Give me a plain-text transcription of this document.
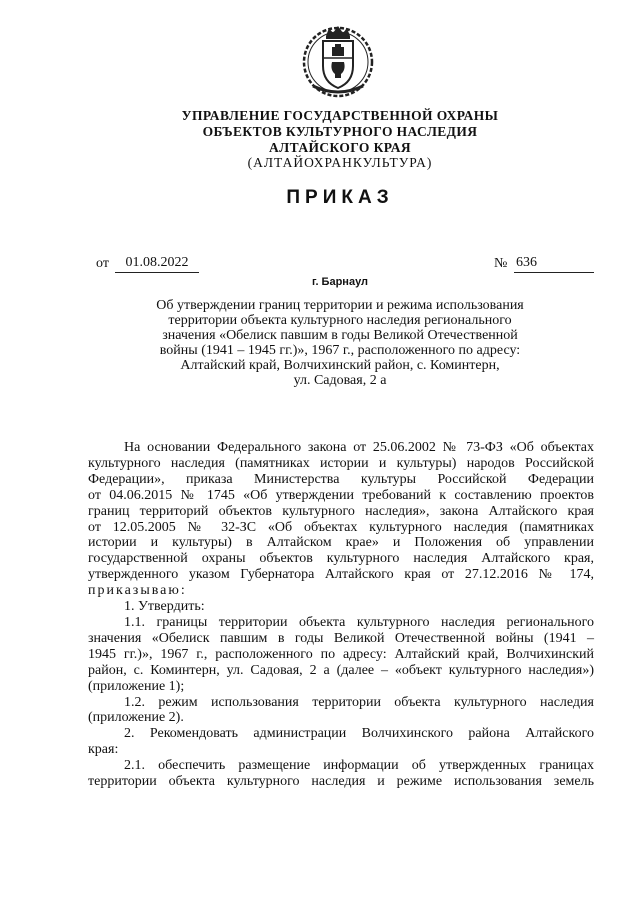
УПРАВЛЕНИЕ ГОСУДАРСТВЕННОЙ ОХРАНЫ
ОБЪЕКТОВ КУЛЬТУРНОГО НАСЛЕДИЯ
АЛТАЙСКОГО КРАЯ
(АЛТАЙОХРАНКУЛЬТУРА)
ПРИКАЗ
от	01.08.2022	№ 636
г. Барнаул
Об утверждении границ территории и режима использования
территории объекта культурного наследия регионального
значения «Обелиск павшим в годы Великой Отечественной
войны (1941 – 1945 гг.)», 1967 г., расположенного по адресу:
Алтайский край, Волчихинский район, с. Коминтерн,
ул. Садовая, 2 а

На основании Федерального закона от 25.06.2002 № 73-ФЗ «Об объектах
культурного наследия (памятниках истории и культуры) народов Российской
Федерации», приказа Министерства культуры Российской Федерации
от 04.06.2015 № 1745 «Об утверждении требований к составлению проектов
границ территорий объектов культурного наследия», закона Алтайского края
от 12.05.2005 № 32-ЗС «Об объектах культурного наследия (памятниках
истории и культуры) в Алтайском крае» и Положения об управлении
государственной охраны объектов культурного наследия Алтайского края,
утвержденного указом Губернатора Алтайского края от 27.12.2016 № 174,

приказываю:

1. Утвердить:

1.1. границы территории объекта культурного наследия регионального
значения «Обелиск павшим в годы Великой Отечественной войны (1941 –
1945 гг.)», 1967 г., расположенного по адресу: Алтайский край, Волчихинский
район, с. Коминтерн, ул. Садовая, 2 а (далее – «объект культурного наследия»)
(приложение 1);

1.2. режим использования территории объекта культурного наследия
(приложение 2).

2. Рекомендовать администрации Волчихинского района Алтайского
края:

2.1. обеспечить размещение информации об утвержденных границах
территории объекта культурного наследия и режиме использования земель
